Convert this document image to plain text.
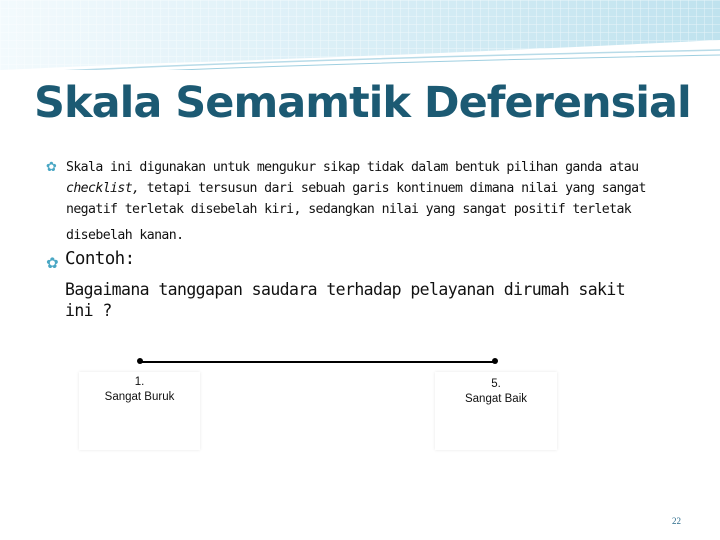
Skala Semamtik Deferensial
✿ Skala ini digunakan untuk mengukur sikap tidak dalam bentuk pilihan ganda atau
checklist, tetapi tersusun dari sebuah garis kontinuem dimana nilai yang sangat
negatif terletak disebelah kiri, sedangkan nilai yang sangat positif terletak
disebelah kanan.
✿ Contoh:
Bagaimana tanggapan saudara terhadap pelayanan dirumah sakit
ini ?
1.
Sangat Buruk
5.
Sangat Baik
22
